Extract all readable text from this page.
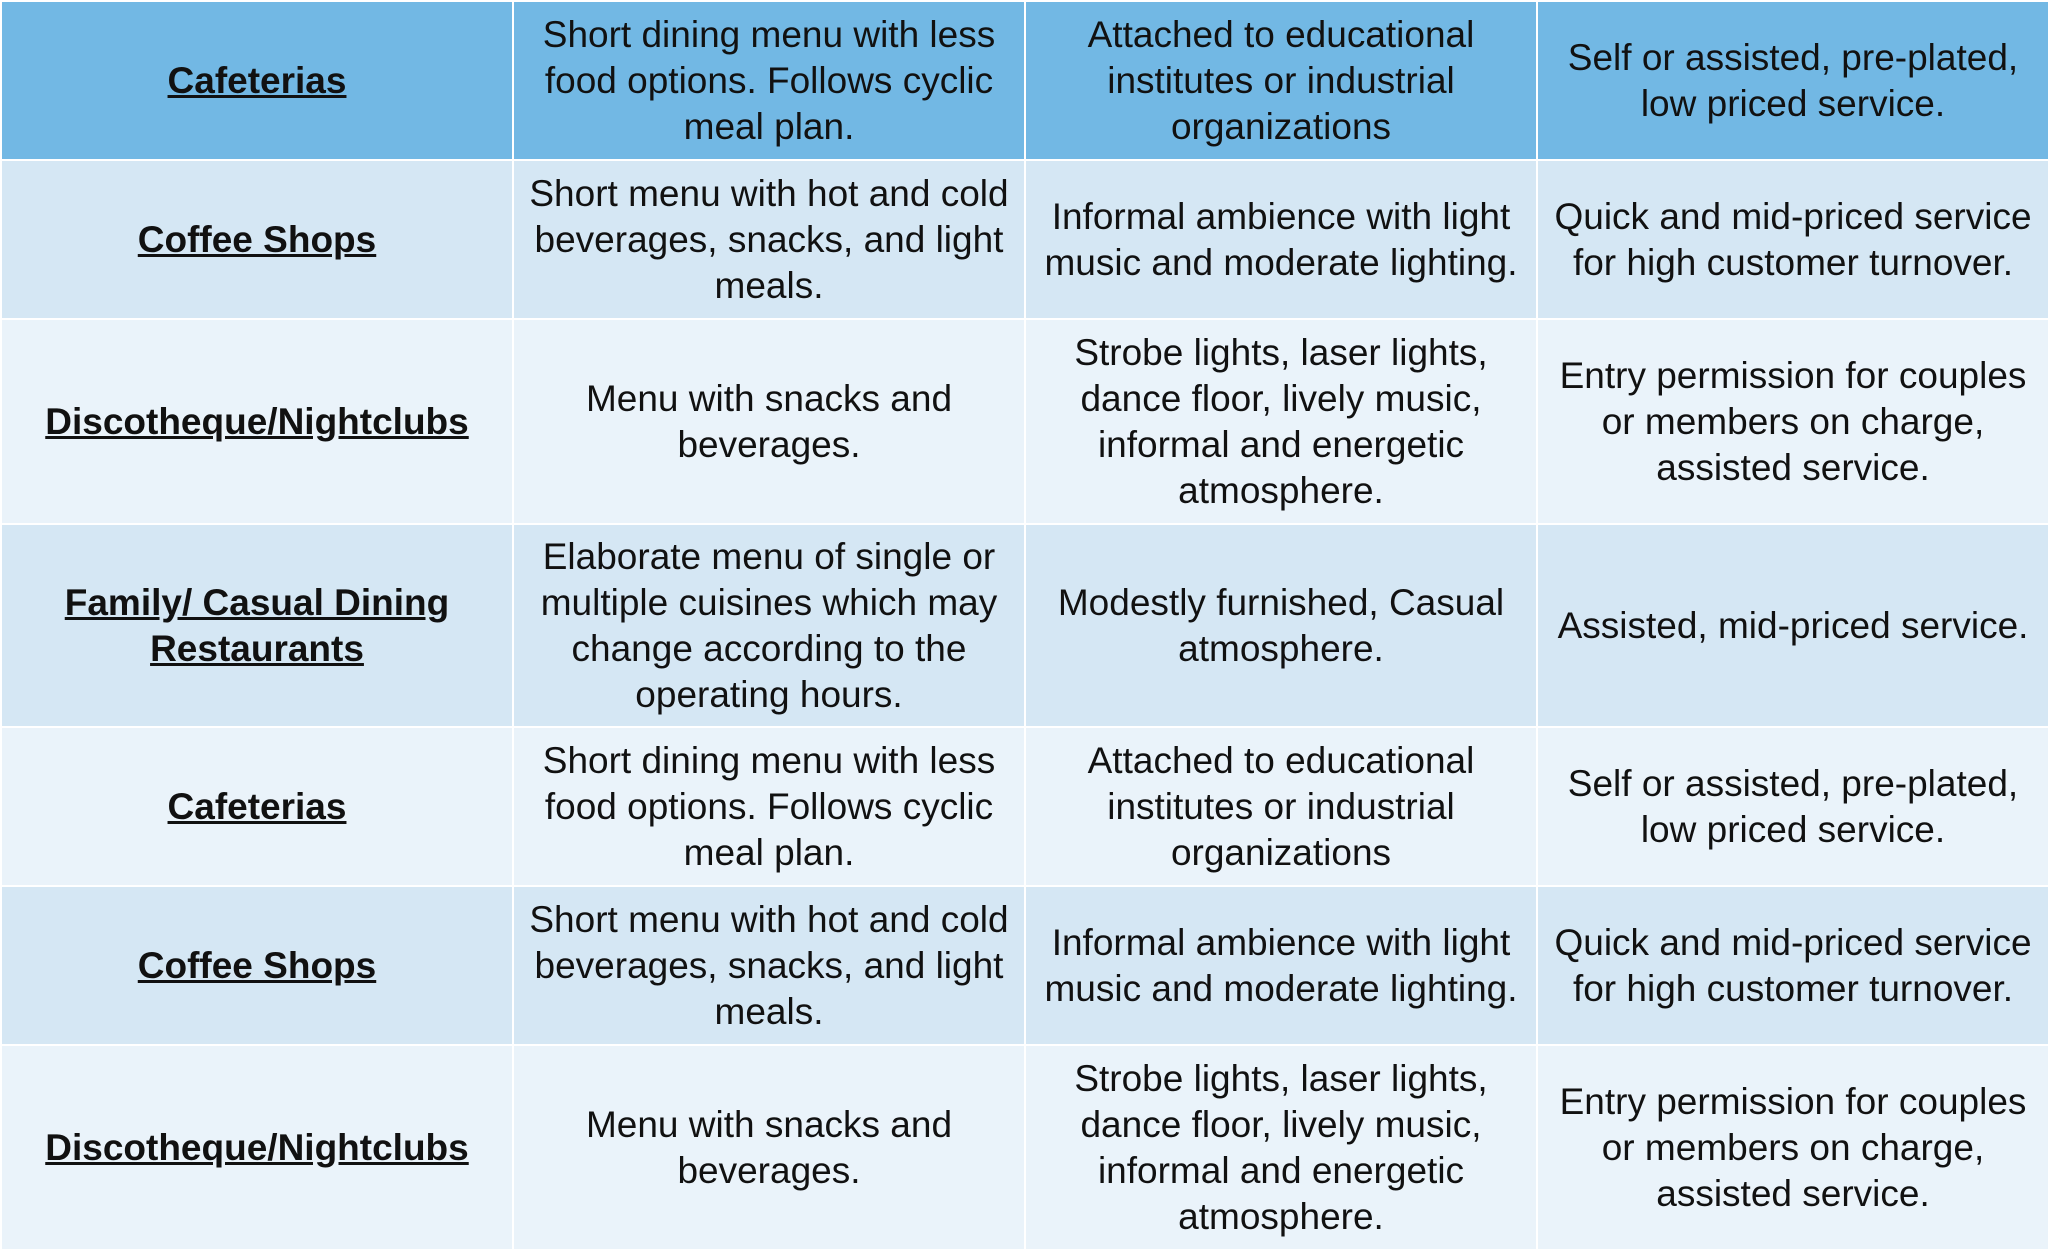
Cafeterias	Short dining menu with less food options. Follows cyclic meal plan.	Attached to educational institutes or industrial organizations	Self or assisted, pre-plated, low priced service.
Coffee Shops	Short menu with hot and cold beverages, snacks, and light meals.	Informal ambience with light music and moderate lighting.	Quick and mid-priced service for high customer turnover.
Discotheque/Nightclubs	Menu with snacks and beverages.	Strobe lights, laser lights, dance floor, lively music, informal and energetic atmosphere.	Entry permission for couples or members on charge, assisted service.
Family/ Casual Dining Restaurants	Elaborate menu of single or multiple cuisines which may change according to the operating hours.	Modestly furnished, Casual atmosphere.	Assisted, mid-priced service.
Cafeterias	Short dining menu with less food options. Follows cyclic meal plan.	Attached to educational institutes or industrial organizations	Self or assisted, pre-plated, low priced service.
Coffee Shops	Short menu with hot and cold beverages, snacks, and light meals.	Informal ambience with light music and moderate lighting.	Quick and mid-priced service for high customer turnover.
Discotheque/Nightclubs	Menu with snacks and beverages.	Strobe lights, laser lights, dance floor, lively music, informal and energetic atmosphere.	Entry permission for couples or members on charge, assisted service.
